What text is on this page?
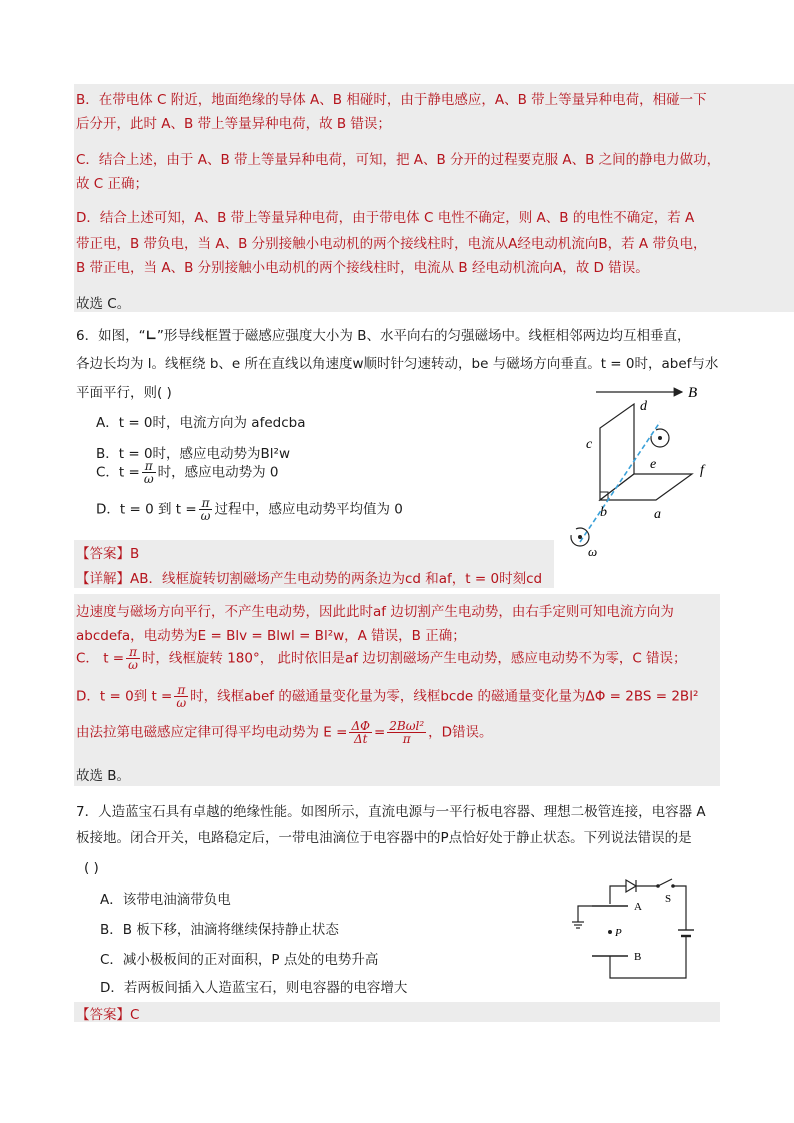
B．在带电体 C 附近，地面绝缘的导体 A、B 相碰时，由于静电感应，A、B 带上等量异种电荷，相碰一下
后分开，此时 A、B 带上等量异种电荷，故 B 错误；
C．结合上述，由于 A、B 带上等量异种电荷，可知，把 A、B 分开的过程要克服 A、B 之间的静电力做功，
故 C 正确；
D．结合上述可知，A、B 带上等量异种电荷，由于带电体 C 电性不确定，则 A、B 的电性不确定，若 A
带正电，B 带负电，当 A、B 分别接触小电动机的两个接线柱时，电流从A经电动机流向B，若 A 带负电，
B 带正电，当 A、B 分别接触小电动机的两个接线柱时，电流从 B 经电动机流向A，故 D 错误。
故选 C。
6．如图，“∟”形导线框置于磁感应强度大小为 B、水平向右的匀强磁场中。线框相邻两边均互相垂直，
各边长均为 l。线框绕 b、e 所在直线以角速度w顺时针匀速转动，be 与磁场方向垂直。t = 0时，abef与水
平面平行，则( )
A．t = 0时，电流方向为 afedcba
B．t = 0时，感应电动势为Bl²w
C．$t = \frac{\pi}{\omega}$ 时，感应电动势为 0
D．t = 0 到 $t = \frac{\pi}{\omega}$ 过程中，感应电动势平均值为 0
B
c
d
e	f
b	a
ω
【答案】B
【详解】AB．线框旋转切割磁场产生电动势的两条边为cd 和af，t = 0时刻cd
边速度与磁场方向平行，不产生电动势，因此此时af 边切割产生电动势，由右手定则可知电流方向为
abcdefa，电动势为E = Blv = Blwl = Bl²w，A 错误，B 正确；
C． $t = \frac{\pi}{\omega}$ 时，线框旋转 180°， 此时依旧是af 边切割磁场产生电动势，感应电动势不为零，C 错误；
D．t = 0到 $t = \frac{\pi}{\omega}$ 时，线框abef 的磁通量变化量为零，线框bcde 的磁通量变化量为ΔΦ = 2BS = 2Bl²
由法拉第电磁感应定律可得平均电动势为 $E = \frac{\Delta\Phi}{\Delta t} = \frac{\text{2Bωl²}}{\pi}$ ，D错误。
故选 B。
7．人造蓝宝石具有卓越的绝缘性能。如图所示，直流电源与一平行板电容器、理想二极管连接，电容器 A
板接地。闭合开关，电路稳定后，一带电油滴位于电容器中的P点恰好处于静止状态。下列说法错误的是
( )
A．该带电油滴带负电
B．B 板下移，油滴将继续保持静止状态
C．减小极板间的正对面积，P 点处的电势升高
D．若两板间插入人造蓝宝石，则电容器的电容增大
S
A
B
P
【答案】C
